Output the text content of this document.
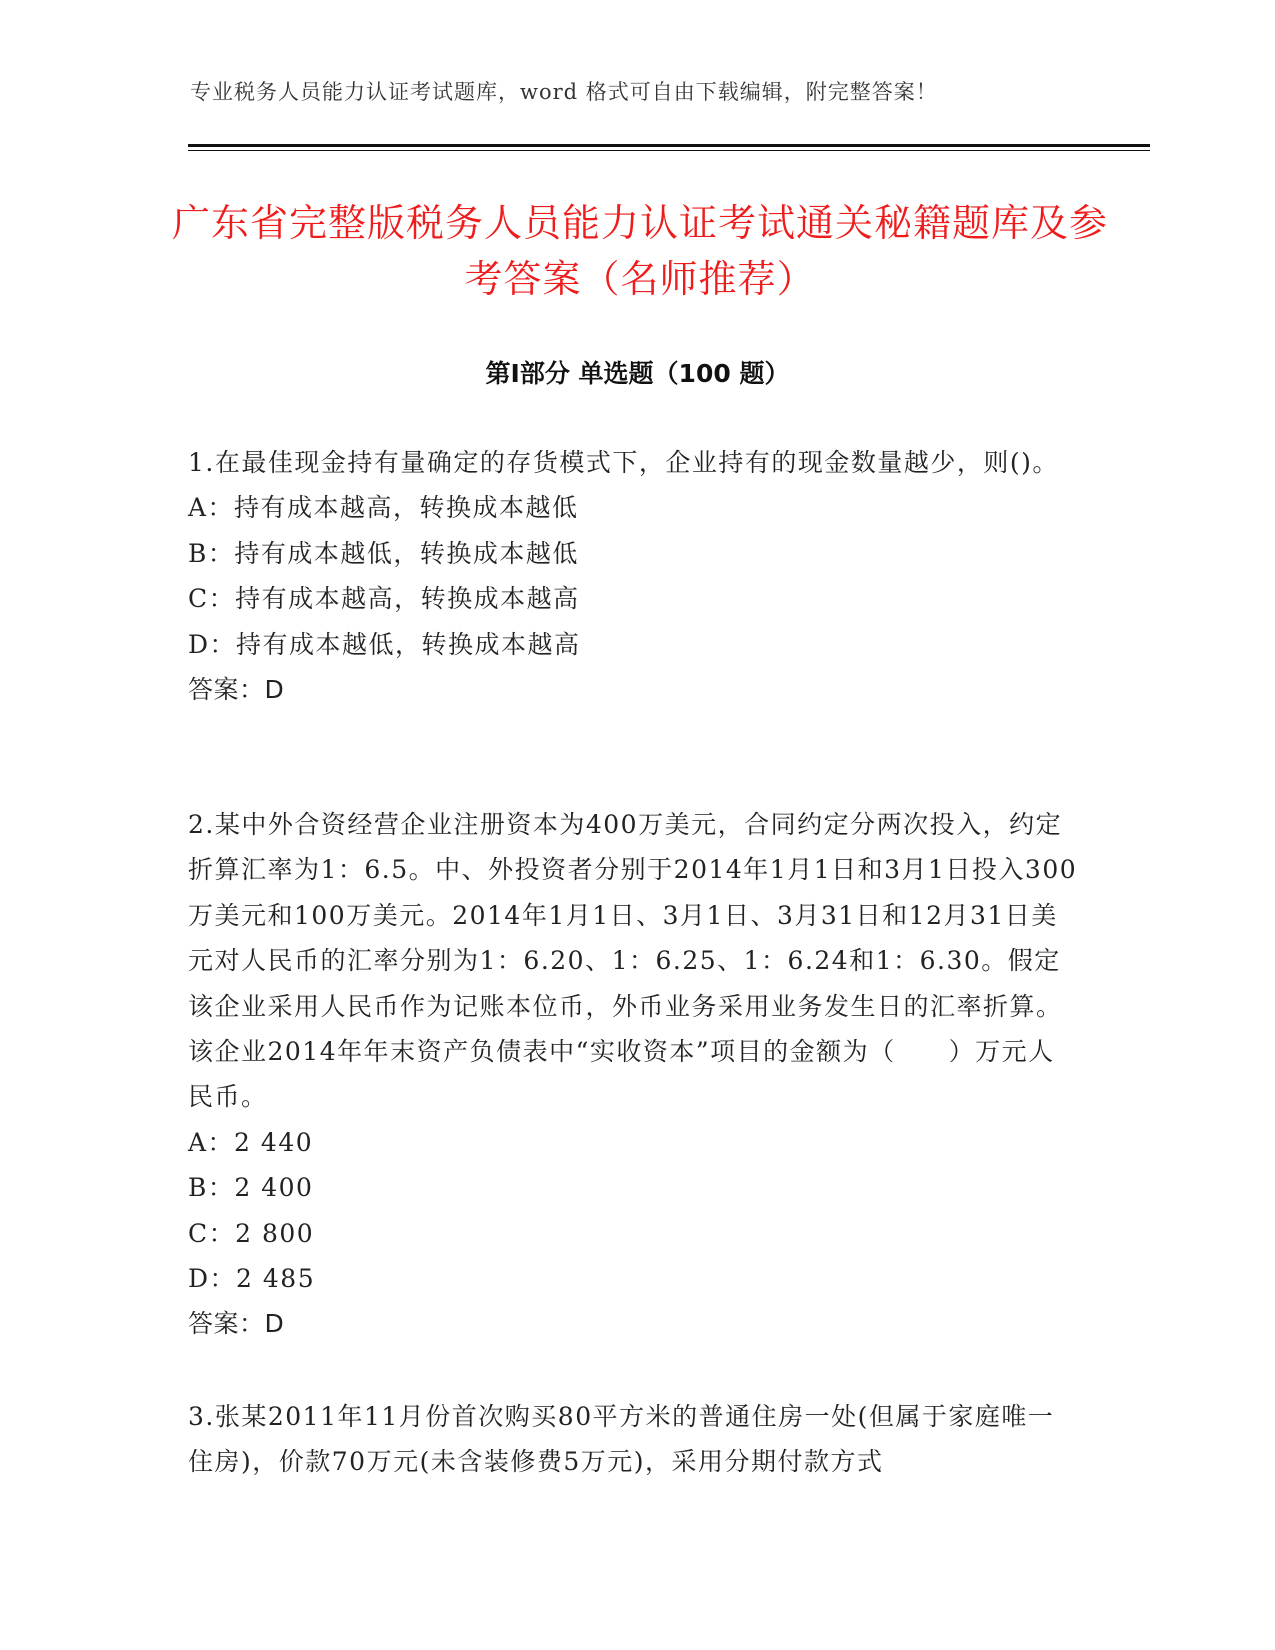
专业税务人员能力认证考试题库，word 格式可自由下载编辑，附完整答案！
广东省完整版税务人员能力认证考试通关秘籍题库及参考答案（名师推荐）
第Ⅰ部分 单选题（100 题）

1.在最佳现金持有量确定的存货模式下，企业持有的现金数量越少，则()。

A：持有成本越高，转换成本越低

B：持有成本越低，转换成本越低

C：持有成本越高，转换成本越高

D：持有成本越低，转换成本越高

答案：D

2.某中外合资经营企业注册资本为400万美元，合同约定分两次投入，约定折算汇率为1：6.5。中、外投资者分别于2014年1月1日和3月1日投入300万美元和100万美元。2014年1月1日、3月1日、3月31日和12月31日美元对人民币的汇率分别为1：6.20、1：6.25、1：6.24和1：6.30。假定该企业采用人民币作为记账本位币，外币业务采用业务发生日的汇率折算。该企业2014年年末资产负债表中“实收资本”项目的金额为（　　）万元人民币。

A：2 440

B：2 400

C：2 800

D：2 485

答案：D

3.张某2011年11月份首次购买80平方米的普通住房一处(但属于家庭唯一住房)，价款70万元(未含装修费5万元)，采用分期付款方式
